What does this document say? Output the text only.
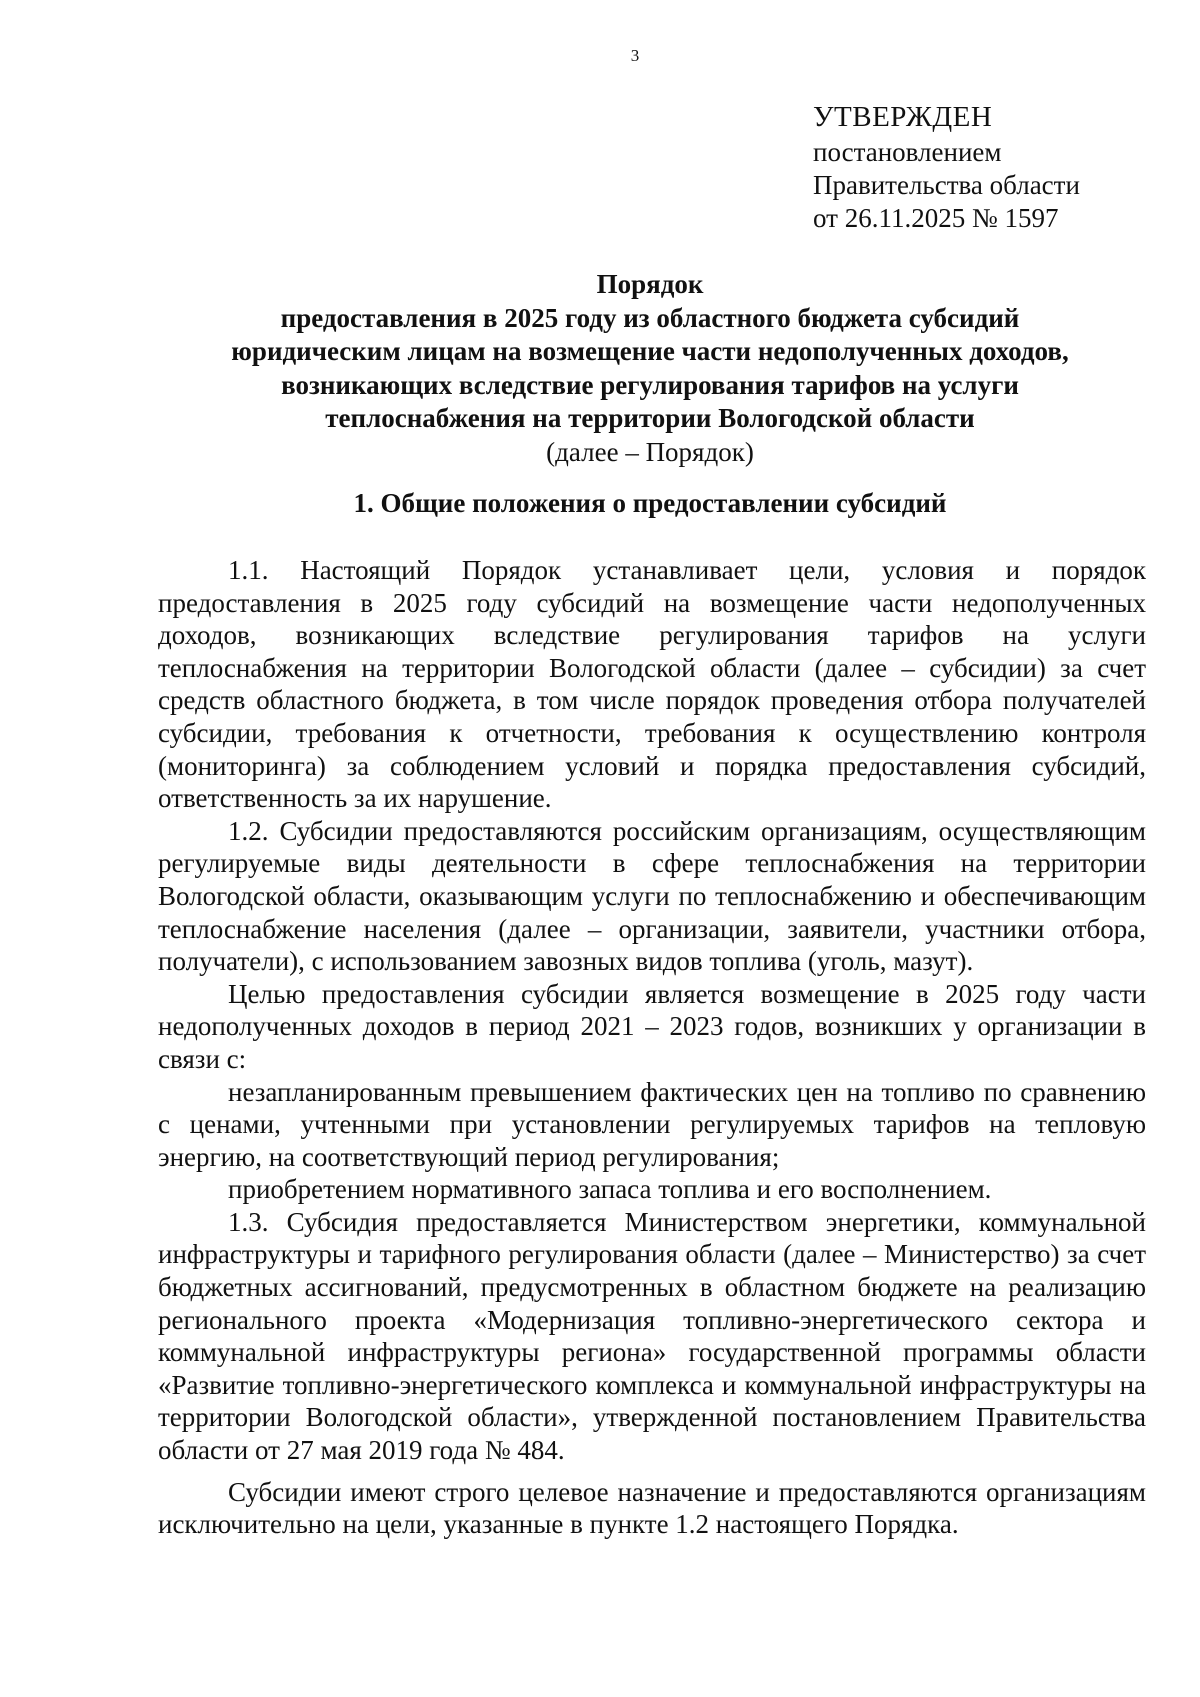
3
УТВЕРЖДЕН
постановлением
Правительства области
от 26.11.2025 № 1597
Порядок
предоставления в 2025 году из областного бюджета субсидий
юридическим лицам на возмещение части недополученных доходов,
возникающих вследствие регулирования тарифов на услуги
теплоснабжения на территории Вологодской области
(далее – Порядок)
1. Общие положения о предоставлении субсидий

1.1. Настоящий Порядок устанавливает цели, условия и порядок предоставления в 2025 году субсидий на возмещение части недополученных доходов, возникающих вследствие регулирования тарифов на услуги теплоснабжения на территории Вологодской области (далее – субсидии) за счет средств областного бюджета, в том числе порядок проведения отбора получателей субсидии, требования к отчетности, требования к осуществлению контроля (мониторинга) за соблюдением условий и порядка предоставления субсидий, ответственность за их нарушение.

1.2. Субсидии предоставляются российским организациям, осуществляющим регулируемые виды деятельности в сфере теплоснабжения на территории Вологодской области, оказывающим услуги по теплоснабжению и обеспечивающим теплоснабжение населения (далее – организации, заявители, участники отбора, получатели), с использованием завозных видов топлива (уголь, мазут).

Целью предоставления субсидии является возмещение в 2025 году части недополученных доходов в период 2021 – 2023 годов, возникших у организации в связи с:

незапланированным превышением фактических цен на топливо по сравнению с ценами, учтенными при установлении регулируемых тарифов на тепловую энергию, на соответствующий период регулирования;

приобретением нормативного запаса топлива и его восполнением.

1.3. Субсидия предоставляется Министерством энергетики, коммунальной инфраструктуры и тарифного регулирования области (далее – Министерство) за счет бюджетных ассигнований, предусмотренных в областном бюджете на реализацию регионального проекта «Модернизация топливно-энергетического сектора и коммунальной инфраструктуры региона» государственной программы области «Развитие топливно-энергетического комплекса и коммунальной инфраструктуры на территории Вологодской области», утвержденной постановлением Правительства области от 27 мая 2019 года № 484.

Субсидии имеют строго целевое назначение и предоставляются организациям исключительно на цели, указанные в пункте 1.2 настоящего Порядка.
